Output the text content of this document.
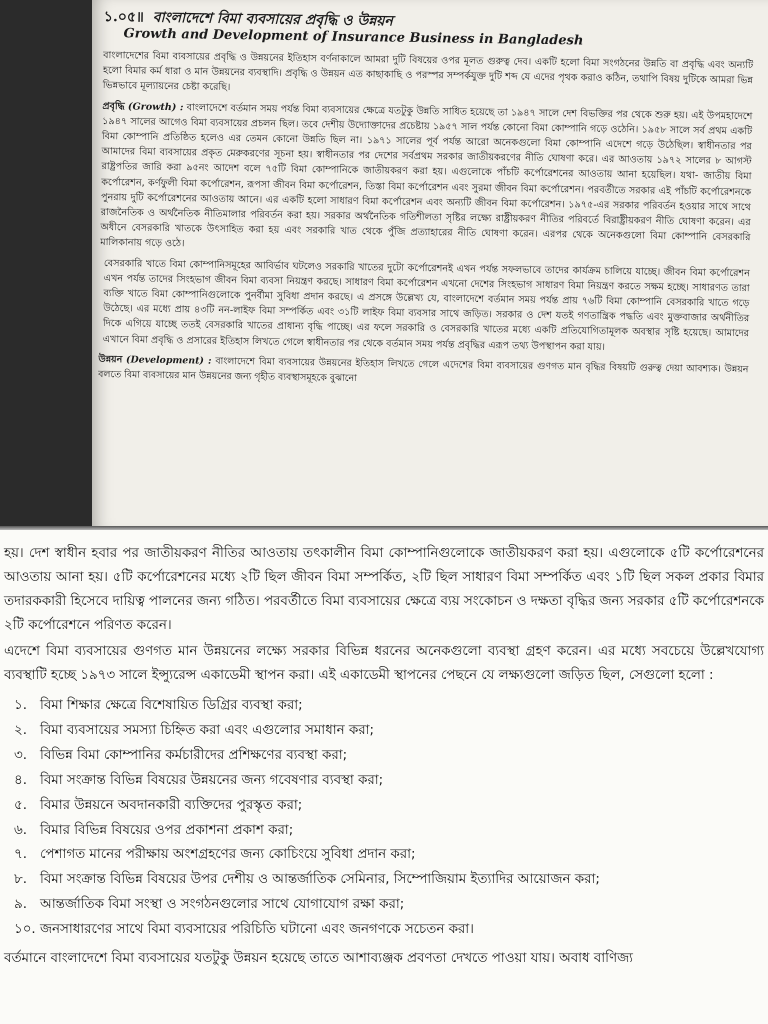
১.০৫॥ বাংলাদেশে বিমা ব্যবসায়ের প্রবৃদ্ধি ও উন্নয়ন
Growth and Development of Insurance Business in Bangladesh

বাংলাদেশের বিমা ব্যবসায়ের প্রবৃদ্ধি ও উন্নয়নের ইতিহাস বর্ণনাকালে আমরা দুটি বিষয়ের ওপর মূলত গুরুত্ব দেব। একটি হলো বিমা সংগঠনের উন্নতি বা প্রবৃদ্ধি এবং অন্যটি হলো বিমার কর্ম ধারা ও মান উন্নয়নের ব্যবস্থাদি। প্রবৃদ্ধি ও উন্নয়ন এত কাছাকাছি ও পরস্পর সম্পর্কযুক্ত দুটি শব্দ যে এদের পৃথক করাও কঠিন, তথাপি বিষয় দুটিকে আমরা ভিন্ন ভিন্নভাবে মূল্যায়নের চেষ্টা করেছি।

প্রবৃদ্ধি (Growth) : বাংলাদেশে বর্তমান সময় পর্যন্ত বিমা ব্যবসায়ের ক্ষেত্রে যতটুকু উন্নতি সাধিত হয়েছে তা ১৯৪৭ সালে দেশ বিভক্তির পর থেকে শুরু হয়। এই উপমহাদেশে ১৯৪৭ সালের আগেও বিমা ব্যবসায়ের প্রচলন ছিল। তবে দেশীয় উদ্যোক্তাদের প্রচেষ্টায় ১৯৫৭ সাল পর্যন্ত কোনো বিমা কোম্পানি গড়ে ওঠেনি। ১৯৫৮ সালে সর্ব প্রথম একটি বিমা কোম্পানি প্রতিষ্ঠিত হলেও এর তেমন কোনো উন্নতি ছিল না। ১৯৭১ সালের পূর্ব পর্যন্ত আরো অনেকগুলো বিমা কোম্পানি এদেশে গড়ে উঠেছিল। স্বাধীনতার পর আমাদের বিমা ব্যবসায়ের প্রকৃত মেরুকরণের সূচনা হয়। স্বাধীনতার পর দেশের সর্বপ্রথম সরকার জাতীয়করণের নীতি ঘোষণা করে। এর আওতায় ১৯৭২ সালের ৮ আগস্ট রাষ্ট্রপতির জারি করা ৯৫নং আদেশ বলে ৭৫টি বিমা কোম্পানিকে জাতীয়করণ করা হয়। এগুলোকে পাঁচটি কর্পোরেশনের আওতায় আনা হয়েছিল। যথা- জাতীয় বিমা কর্পোরেশন, কর্ণফুলী বিমা কর্পোরেশন, রূপসা জীবন বিমা কর্পোরেশন, তিস্তা বিমা কর্পোরেশন এবং সুরমা জীবন বিমা কর্পোরেশন। পরবর্তীতে সরকার এই পাঁচটি কর্পোরেশনকে পুনরায় দুটি কর্পোরেশনের আওতায় আনে। এর একটি হলো সাধারণ বিমা কর্পোরেশন এবং অন্যটি জীবন বিমা কর্পোরেশন। ১৯৭৫-এর সরকার পরিবর্তন হওয়ার সাথে সাথে রাজনৈতিক ও অর্থনৈতিক নীতিমালার পরিবর্তন করা হয়। সরকার অর্থনৈতিক গতিশীলতা সৃষ্টির লক্ষ্যে রাষ্ট্রীয়করণ নীতির পরিবর্তে বিরাষ্ট্রীয়করণ নীতি ঘোষণা করেন। এর অধীনে বেসরকারি খাতকে উৎসাহিত করা হয় এবং সরকারি খাত থেকে পুঁজি প্রত্যাহারের নীতি ঘোষণা করেন। এরপর থেকে অনেকগুলো বিমা কোম্পানি বেসরকারি মালিকানায় গড়ে ওঠে।

বেসরকারি খাতে বিমা কোম্পানিসমূহের আবির্ভাব ঘটলেও সরকারি খাতের দুটো কর্পোরেশনই এখন পর্যন্ত সফলভাবে তাদের কার্যক্রম চালিয়ে যাচ্ছে। জীবন বিমা কর্পোরেশন এখন পর্যন্ত তাদের সিংহভাগ জীবন বিমা ব্যবসা নিয়ন্ত্রণ করছে। সাধারণ বিমা কর্পোরেশন এখনো দেশের সিংহভাগ সাধারণ বিমা নিয়ন্ত্রণ করতে সক্ষম হচ্ছে। সাধারণত তারা ব্যক্তি খাতে বিমা কোম্পানিগুলোকে পুনর্বীমা সুবিধা প্রদান করছে। এ প্রসঙ্গে উল্লেখ্য যে, বাংলাদেশে বর্তমান সময় পর্যন্ত প্রায় ৭৬টি বিমা কোম্পানি বেসরকারি খাতে গড়ে উঠেছে। এর মধ্যে প্রায় ৪৩টি নন-লাইফ বিমা সম্পর্কিত এবং ৩১টি লাইফ বিমা ব্যবসার সাথে জড়িত। সরকার ও দেশ যতই গণতান্ত্রিক পদ্ধতি এবং মুক্তবাজার অর্থনীতির দিকে এগিয়ে যাচ্ছে ততই বেসরকারি খাতের প্রাধান্য বৃদ্ধি পাচ্ছে। এর ফলে সরকারি ও বেসরকারি খাতের মধ্যে একটি প্রতিযোগিতামূলক অবস্থার সৃষ্টি হয়েছে। আমাদের এখানে বিমা প্রবৃদ্ধি ও প্রসারের ইতিহাস লিখতে গেলে স্বাধীনতার পর থেকে বর্তমান সময় পর্যন্ত প্রবৃদ্ধির এরূপ তথ্য উপস্থাপন করা যায়।

উন্নয়ন (Development) : বাংলাদেশে বিমা ব্যবসায়ের উন্নয়নের ইতিহাস লিখতে গেলে এদেশের বিমা ব্যবসায়ের গুণগত মান বৃদ্ধির বিষয়টি গুরুত্ব দেয়া আবশ্যক। উন্নয়ন বলতে বিমা ব্যবসায়ের মান উন্নয়নের জন্য গৃহীত ব্যবস্থাসমূহকে বুঝানো

হয়। দেশ স্বাধীন হবার পর জাতীয়করণ নীতির আওতায় তৎকালীন বিমা কোম্পানিগুলোকে জাতীয়করণ করা হয়। এগুলোকে ৫টি কর্পোরেশনের আওতায় আনা হয়। ৫টি কর্পোরেশনের মধ্যে ২টি ছিল জীবন বিমা সম্পর্কিত, ২টি ছিল সাধারণ বিমা সম্পর্কিত এবং ১টি ছিল সকল প্রকার বিমার তদারককারী হিসেবে দায়িত্ব পালনের জন্য গঠিত। পরবর্তীতে বিমা ব্যবসায়ের ক্ষেত্রে ব্যয় সংকোচন ও দক্ষতা বৃদ্ধির জন্য সরকার ৫টি কর্পোরেশনকে ২টি কর্পোরেশনে পরিণত করেন।

এদেশে বিমা ব্যবসায়ের গুণগত মান উন্নয়নের লক্ষ্যে সরকার বিভিন্ন ধরনের অনেকগুলো ব্যবস্থা গ্রহণ করেন। এর মধ্যে সবচেয়ে উল্লেখযোগ্য ব্যবস্থাটি হচ্ছে ১৯৭৩ সালে ইন্স্যুরেন্স একাডেমী স্থাপন করা। এই একাডেমী স্থাপনের পেছনে যে লক্ষ্যগুলো জড়িত ছিল, সেগুলো হলো :

১. বিমা শিক্ষার ক্ষেত্রে বিশেষায়িত ডিগ্রির ব্যবস্থা করা;
২. বিমা ব্যবসায়ের সমস্যা চিহ্নিত করা এবং এগুলোর সমাধান করা;
৩. বিভিন্ন বিমা কোম্পানির কর্মচারীদের প্রশিক্ষণের ব্যবস্থা করা;
৪. বিমা সংক্রান্ত বিভিন্ন বিষয়ের উন্নয়নের জন্য গবেষণার ব্যবস্থা করা;
৫. বিমার উন্নয়নে অবদানকারী ব্যক্তিদের পুরস্কৃত করা;
৬. বিমার বিভিন্ন বিষয়ের ওপর প্রকাশনা প্রকাশ করা;
৭. পেশাগত মানের পরীক্ষায় অংশগ্রহণের জন্য কোচিংয়ে সুবিধা প্রদান করা;
৮. বিমা সংক্রান্ত বিভিন্ন বিষয়ের উপর দেশীয় ও আন্তর্জাতিক সেমিনার, সিম্পোজিয়াম ইত্যাদির আয়োজন করা;
৯. আন্তর্জাতিক বিমা সংস্থা ও সংগঠনগুলোর সাথে যোগাযোগ রক্ষা করা;
১০. জনসাধারণের সাথে বিমা ব্যবসায়ের পরিচিতি ঘটানো এবং জনগণকে সচেতন করা।

বর্তমানে বাংলাদেশে বিমা ব্যবসায়ের যতটুকু উন্নয়ন হয়েছে তাতে আশাব্যঞ্জক প্রবণতা দেখতে পাওয়া যায়। অবাধ বাণিজ্য
